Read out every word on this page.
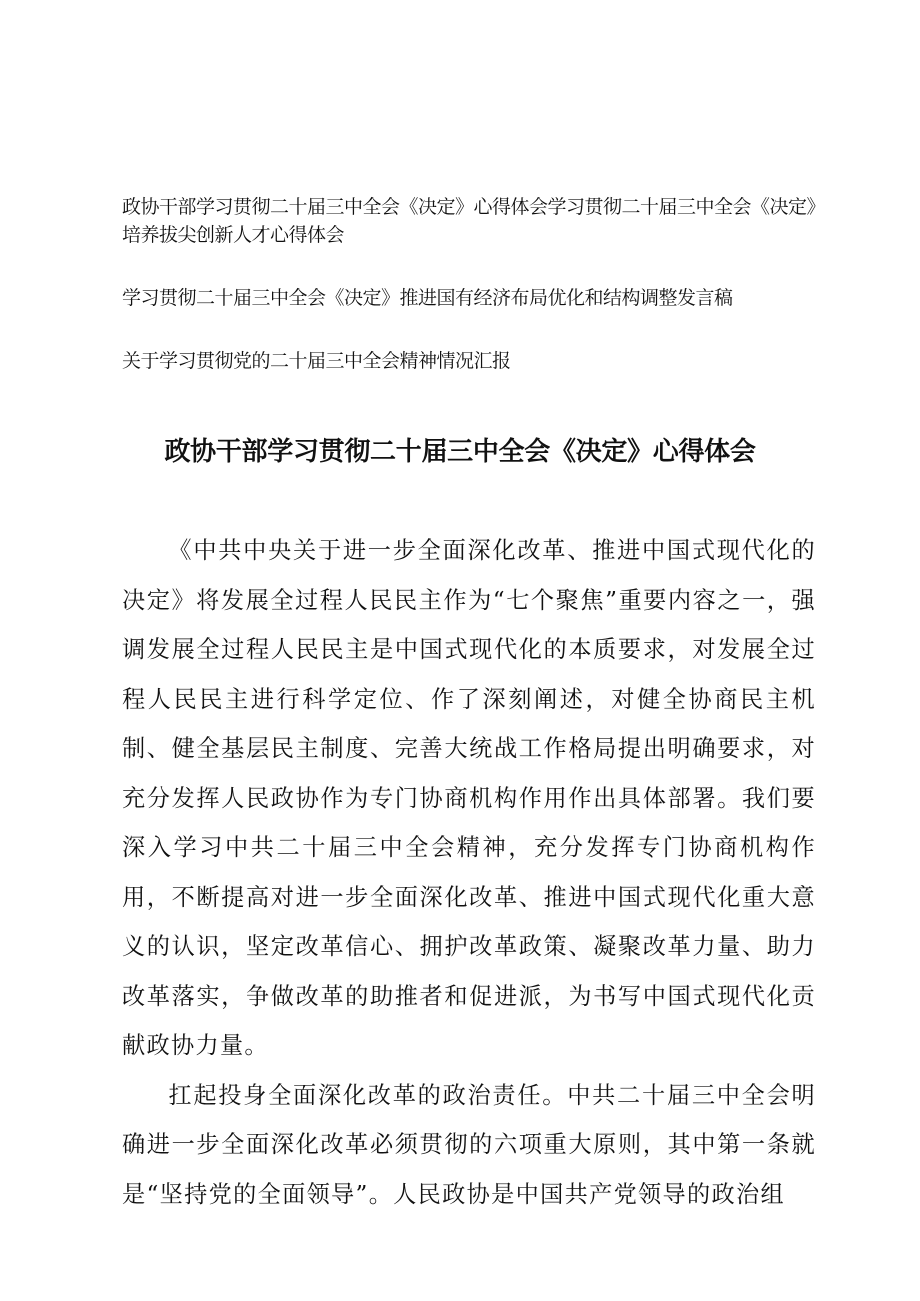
政协干部学习贯彻二十届三中全会《决定》心得体会学习贯彻二十届三中全会《决定》培养拔尖创新人才心得体会

学习贯彻二十届三中全会《决定》推进国有经济布局优化和结构调整发言稿

关于学习贯彻党的二十届三中全会精神情况汇报

政协干部学习贯彻二十届三中全会《决定》心得体会

《中共中央关于进一步全面深化改革、推进中国式现代化的决定》将发展全过程人民民主作为“七个聚焦”重要内容之一，强调发展全过程人民民主是中国式现代化的本质要求，对发展全过程人民民主进行科学定位、作了深刻阐述，对健全协商民主机制、健全基层民主制度、完善大统战工作格局提出明确要求，对充分发挥人民政协作为专门协商机构作用作出具体部署。我们要深入学习中共二十届三中全会精神，充分发挥专门协商机构作用，不断提高对进一步全面深化改革、推进中国式现代化重大意义的认识，坚定改革信心、拥护改革政策、凝聚改革力量、助力改革落实，争做改革的助推者和促进派，为书写中国式现代化贡献政协力量。

扛起投身全面深化改革的政治责任。中共二十届三中全会明确进一步全面深化改革必须贯彻的六项重大原则，其中第一条就是“坚持党的全面领导”。人民政协是中国共产党领导的政治组
